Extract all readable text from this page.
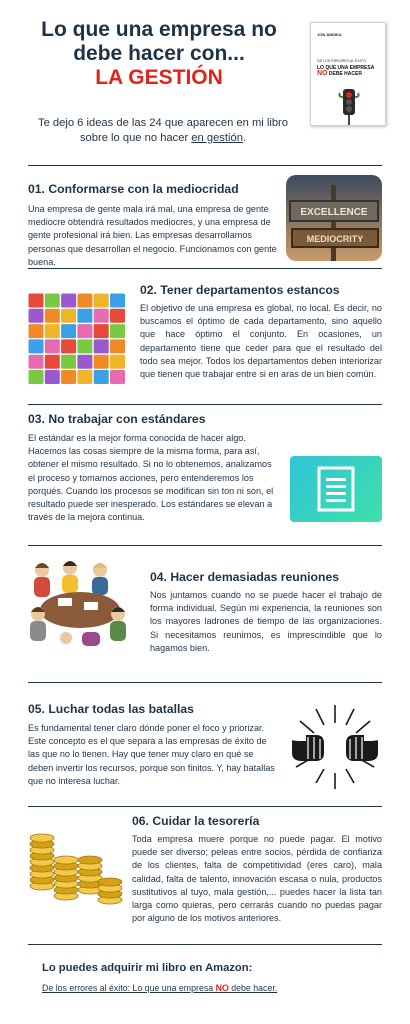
Lo que una empresa no
debe hacer con...
LA GESTIÓN
JON ANDIKA
DE LOS ERRORES AL ÉXITO:
LO QUE UNA EMPRESA
NO DEBE HACER
Te dejo 6 ideas de las 24 que aparecen en mi libro sobre lo que no hacer en gestión.
01. Conformarse con la mediocridad
Una empresa de gente mala irá mal, una empresa de gente mediocre obtendrá resultados mediocres, y una empresa de gente profesional irá bien. Las empresas desarrollamos personas que desarrollan el negocio. Funcionamos con gente buena.
EXCELLENCE
MEDIOCRITY
02. Tener departamentos estancos
El objetivo de una empresa es global, no local. Es decir, no buscamos el óptimo de cada departamento, sino aquello que hace óptimo el conjunto. En ocasiones, un departamento tiene que ceder para que el resultado del todo sea mejor. Todos los departamentos deben interiorizar que tienen que trabajar entre si en aras de un bien común.
03. No trabajar con estándares
El estándar es la mejor forma conocida de hacer algo. Hacemos las cosas siempre de la misma forma, para así, obtener el mismo resultado. Si no lo obtenemos, analizamos el proceso y tomamos acciones, pero entenderemos los porqués. Cuando los procesos se modifican sin ton ni son, el resultado puede ser inesperado. Los estándares se elevan a través de la mejora continua.
04. Hacer demasiadas reuniones
Nos juntamos cuando no se puede hacer el trabajo de forma individual. Según mi experiencia, la reuniones son los mayores ladrones de tiempo de las organizaciones. Si necesitamos reunirnos, es imprescindible que lo hagamos bien.
05. Luchar todas las batallas
Es fundamental tener claro dónde poner el foco y priorizar. Este concepto es el que separa a las empresas de éxito de las que no lo tienen. Hay que tener muy claro en qué se deben invertir los recursos, porque son finitos. Y, hay batallas que no interesa luchar.
06. Cuidar la tesorería
Toda empresa muere porque no puede pagar. El motivo puede ser diverso; peleas entre socios, pérdida de confianza de los clientes, falta de competitividad (eres caro), mala calidad, falta de talento, innovación escasa o nula, productos sustitutivos al tuyo, mala gestión,... puedes hacer la lista tan larga como quieras, pero cerrarás cuando no puedas pagar por alguno de los motivos anteriores.
Lo puedes adquirir mi libro en Amazon:
De los errores al éxito: Lo que una empresa NO debe hacer.
